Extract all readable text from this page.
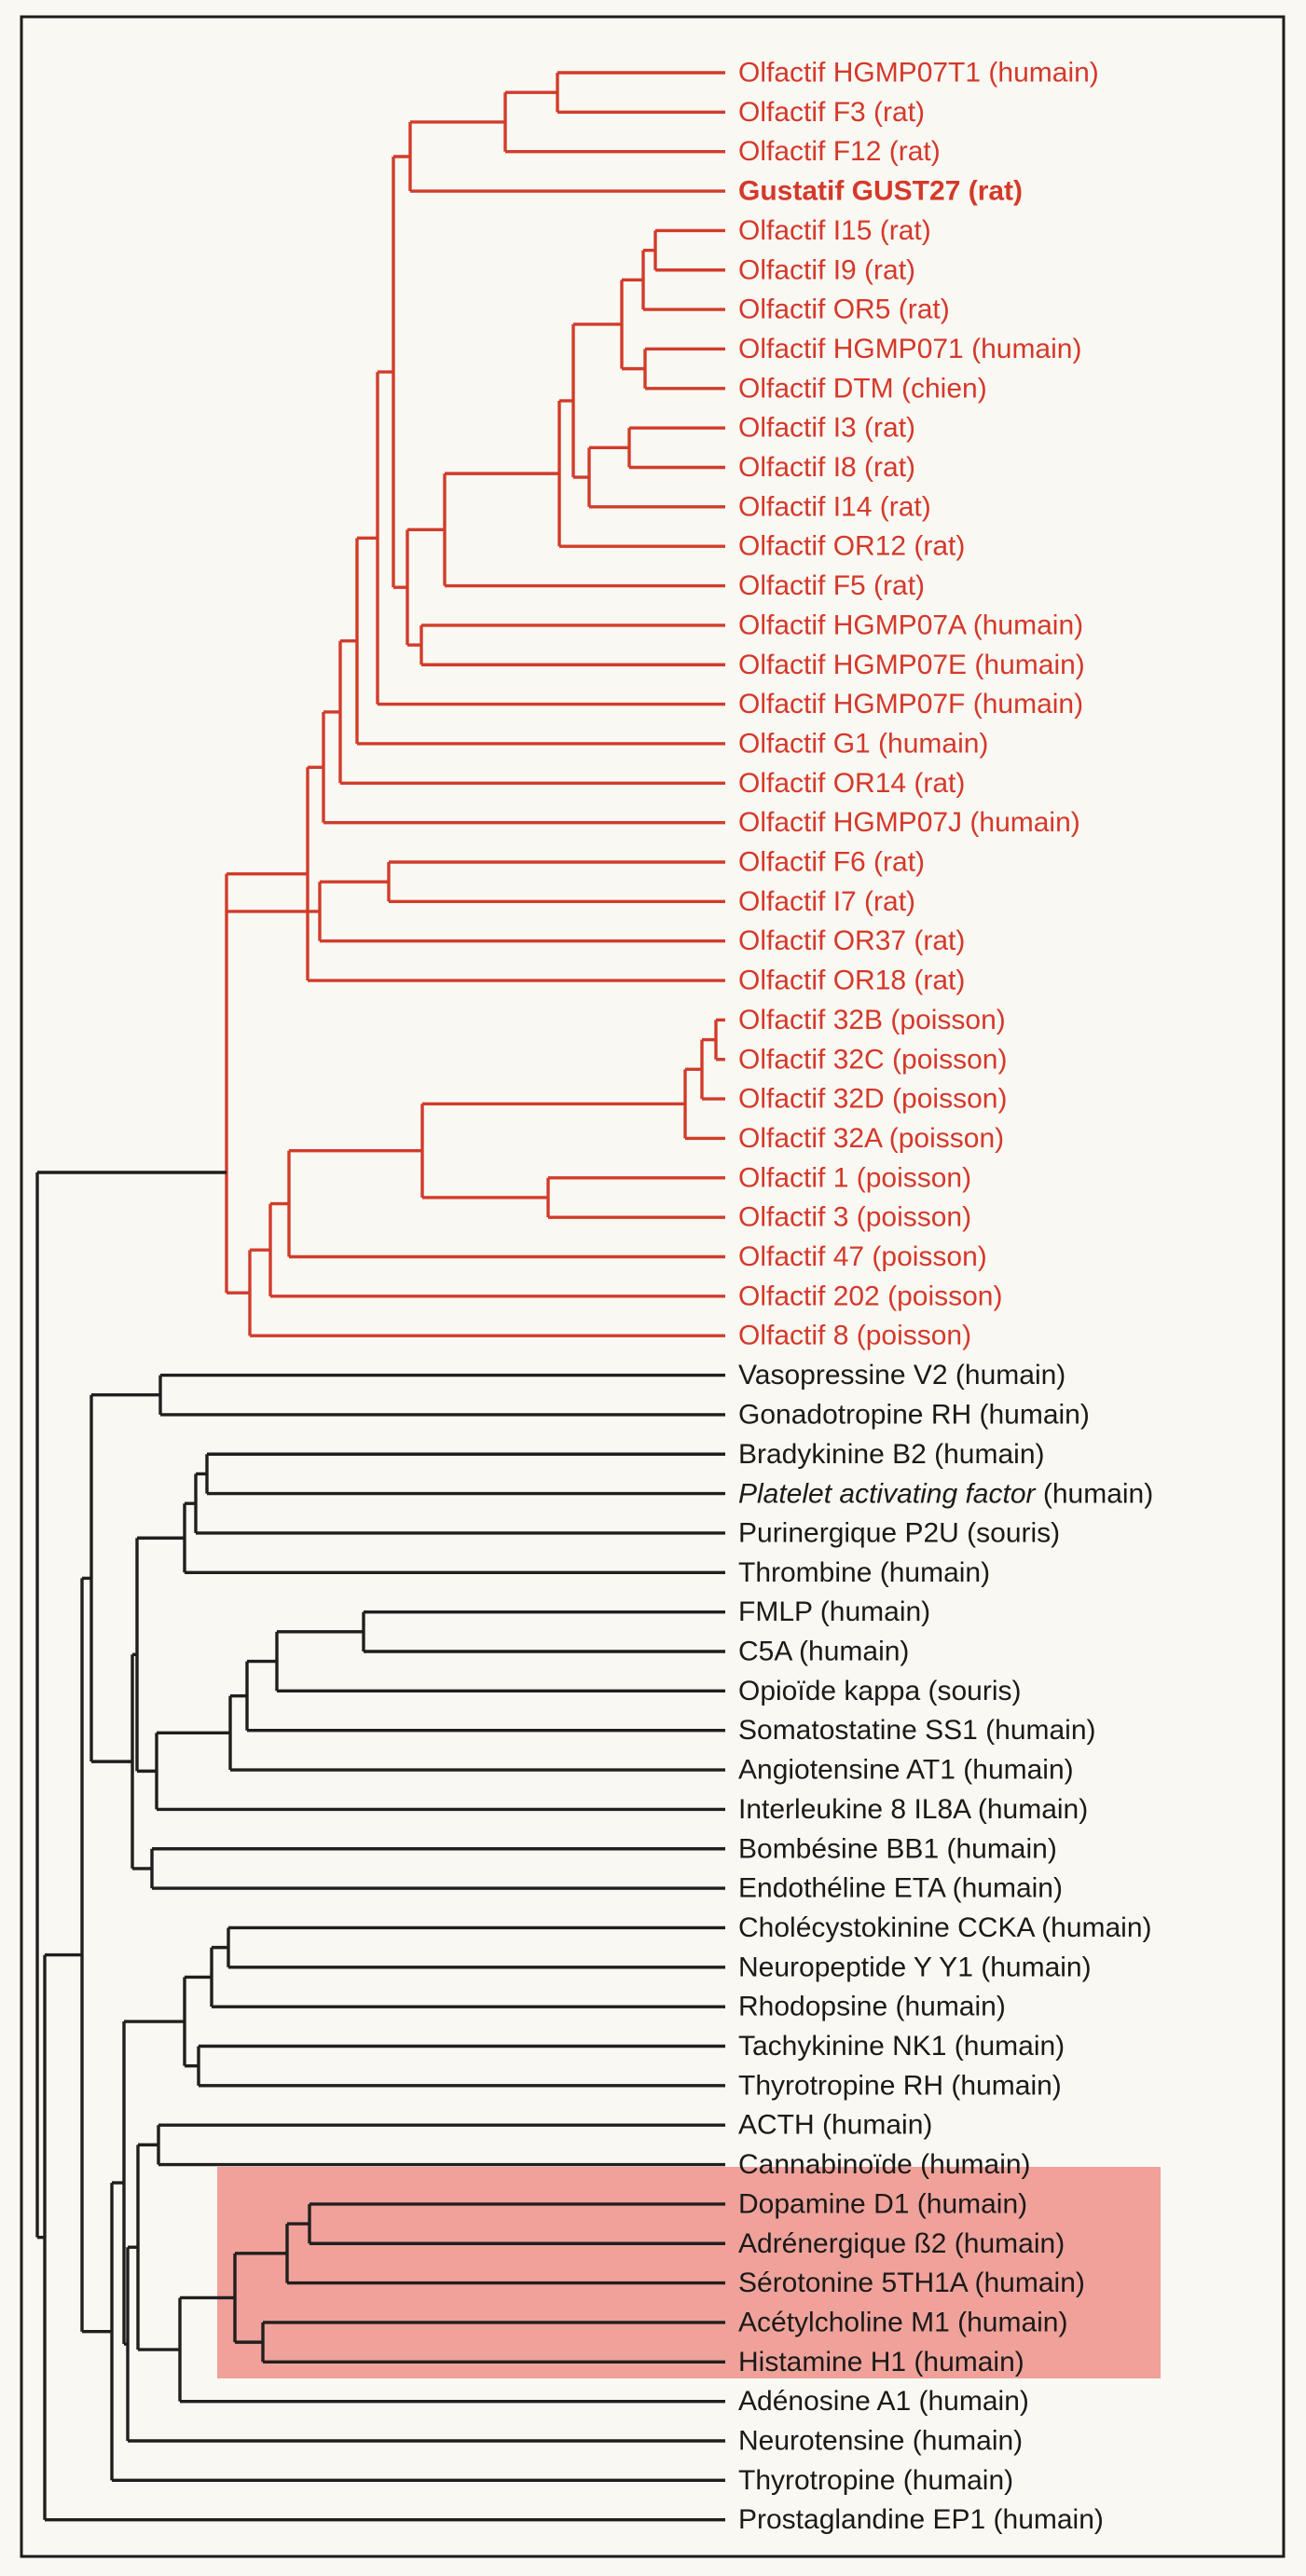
Olfactif HGMP07T1 (humain)
Olfactif F3 (rat)
Olfactif F12 (rat)
Gustatif GUST27 (rat)
Olfactif I15 (rat)
Olfactif I9 (rat)
Olfactif OR5 (rat)
Olfactif HGMP071 (humain)
Olfactif DTM (chien)
Olfactif I3 (rat)
Olfactif I8 (rat)
Olfactif I14 (rat)
Olfactif OR12 (rat)
Olfactif F5 (rat)
Olfactif HGMP07A (humain)
Olfactif HGMP07E (humain)
Olfactif HGMP07F (humain)
Olfactif G1 (humain)
Olfactif OR14 (rat)
Olfactif HGMP07J (humain)
Olfactif F6 (rat)
Olfactif I7 (rat)
Olfactif OR37 (rat)
Olfactif OR18 (rat)
Olfactif 32B (poisson)
Olfactif 32C (poisson)
Olfactif 32D (poisson)
Olfactif 32A (poisson)
Olfactif 1 (poisson)
Olfactif 3 (poisson)
Olfactif 47 (poisson)
Olfactif 202 (poisson)
Olfactif 8 (poisson)
Vasopressine V2 (humain)
Gonadotropine RH (humain)
Bradykinine B2 (humain)
Platelet activating factor (humain)
Purinergique P2U (souris)
Thrombine (humain)
FMLP (humain)
C5A (humain)
Opioïde kappa (souris)
Somatostatine SS1 (humain)
Angiotensine AT1 (humain)
Interleukine 8 IL8A (humain)
Bombésine BB1 (humain)
Endothéline ETA (humain)
Cholécystokinine CCKA (humain)
Neuropeptide Y Y1 (humain)
Rhodopsine (humain)
Tachykinine NK1 (humain)
Thyrotropine RH (humain)
ACTH (humain)
Cannabinoïde (humain)
Dopamine D1 (humain)
Adrénergique ß2 (humain)
Sérotonine 5TH1A (humain)
Acétylcholine M1 (humain)
Histamine H1 (humain)
Adénosine A1 (humain)
Neurotensine (humain)
Thyrotropine (humain)
Prostaglandine EP1 (humain)
